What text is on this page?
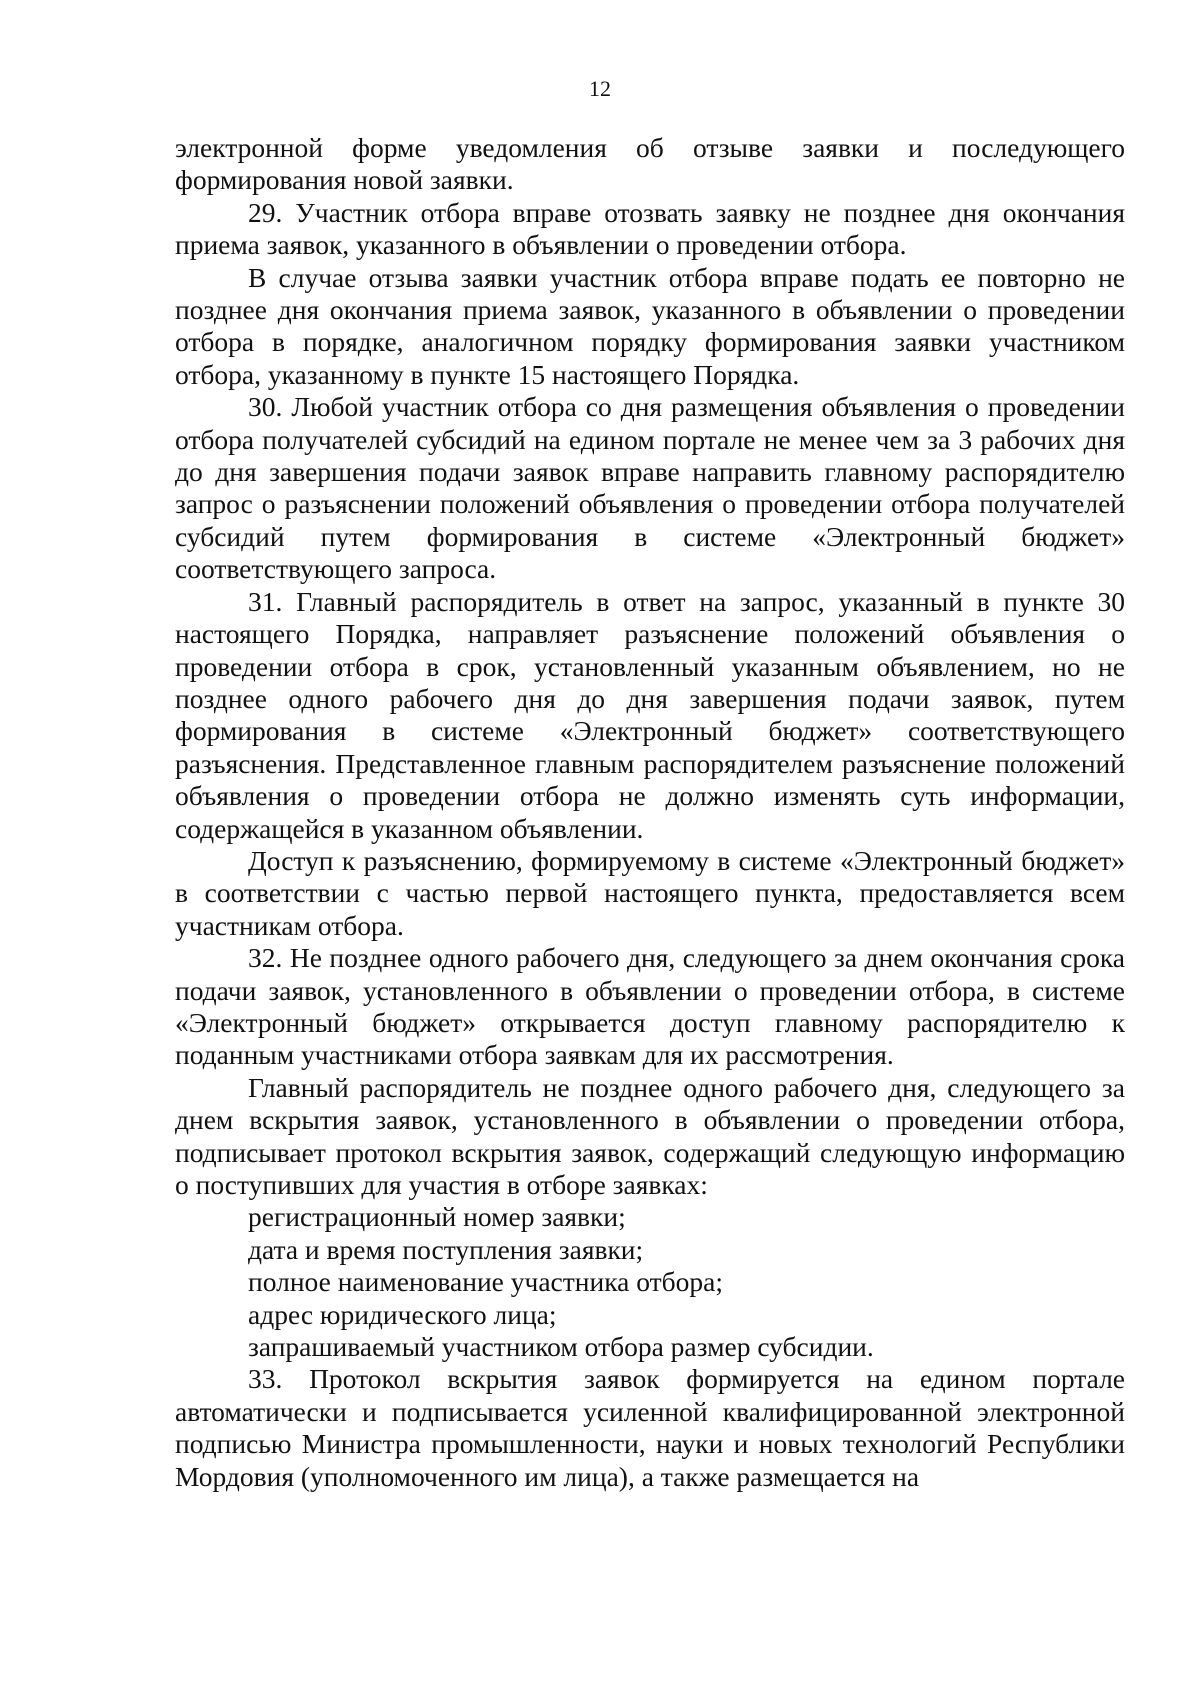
12

электронной форме уведомления об отзыве заявки и последующего формирования новой заявки.

29. Участник отбора вправе отозвать заявку не позднее дня окончания приема заявок, указанного в объявлении о проведении отбора.

В случае отзыва заявки участник отбора вправе подать ее повторно не позднее дня окончания приема заявок, указанного в объявлении о проведении отбора в порядке, аналогичном порядку формирования заявки участником отбора, указанному в пункте 15 настоящего Порядка.

30. Любой участник отбора со дня размещения объявления о проведении отбора получателей субсидий на едином портале не менее чем за 3 рабочих дня до дня завершения подачи заявок вправе направить главному распорядителю запрос о разъяснении положений объявления о проведении отбора получателей субсидий путем формирования в системе «Электронный бюджет» соответствующего запроса.

31. Главный распорядитель в ответ на запрос, указанный в пункте 30 настоящего Порядка, направляет разъяснение положений объявления о проведении отбора в срок, установленный указанным объявлением, но не позднее одного рабочего дня до дня завершения подачи заявок, путем формирования в системе «Электронный бюджет» соответствующего разъяснения. Представленное главным распорядителем разъяснение положений объявления о проведении отбора не должно изменять суть информации, содержащейся в указанном объявлении.

Доступ к разъяснению, формируемому в системе «Электронный бюджет» в соответствии с частью первой настоящего пункта, предоставляется всем участникам отбора.

32. Не позднее одного рабочего дня, следующего за днем окончания срока подачи заявок, установленного в объявлении о проведении отбора, в системе «Электронный бюджет» открывается доступ главному распорядителю к поданным участниками отбора заявкам для их рассмотрения.

Главный распорядитель не позднее одного рабочего дня, следующего за днем вскрытия заявок, установленного в объявлении о проведении отбора, подписывает протокол вскрытия заявок, содержащий следующую информацию о поступивших для участия в отборе заявках:

регистрационный номер заявки;

дата и время поступления заявки;

полное наименование участника отбора;

адрес юридического лица;

запрашиваемый участником отбора размер субсидии.

33. Протокол вскрытия заявок формируется на едином портале автоматически и подписывается усиленной квалифицированной электронной подписью Министра промышленности, науки и новых технологий Республики Мордовия (уполномоченного им лица), а также размещается на
